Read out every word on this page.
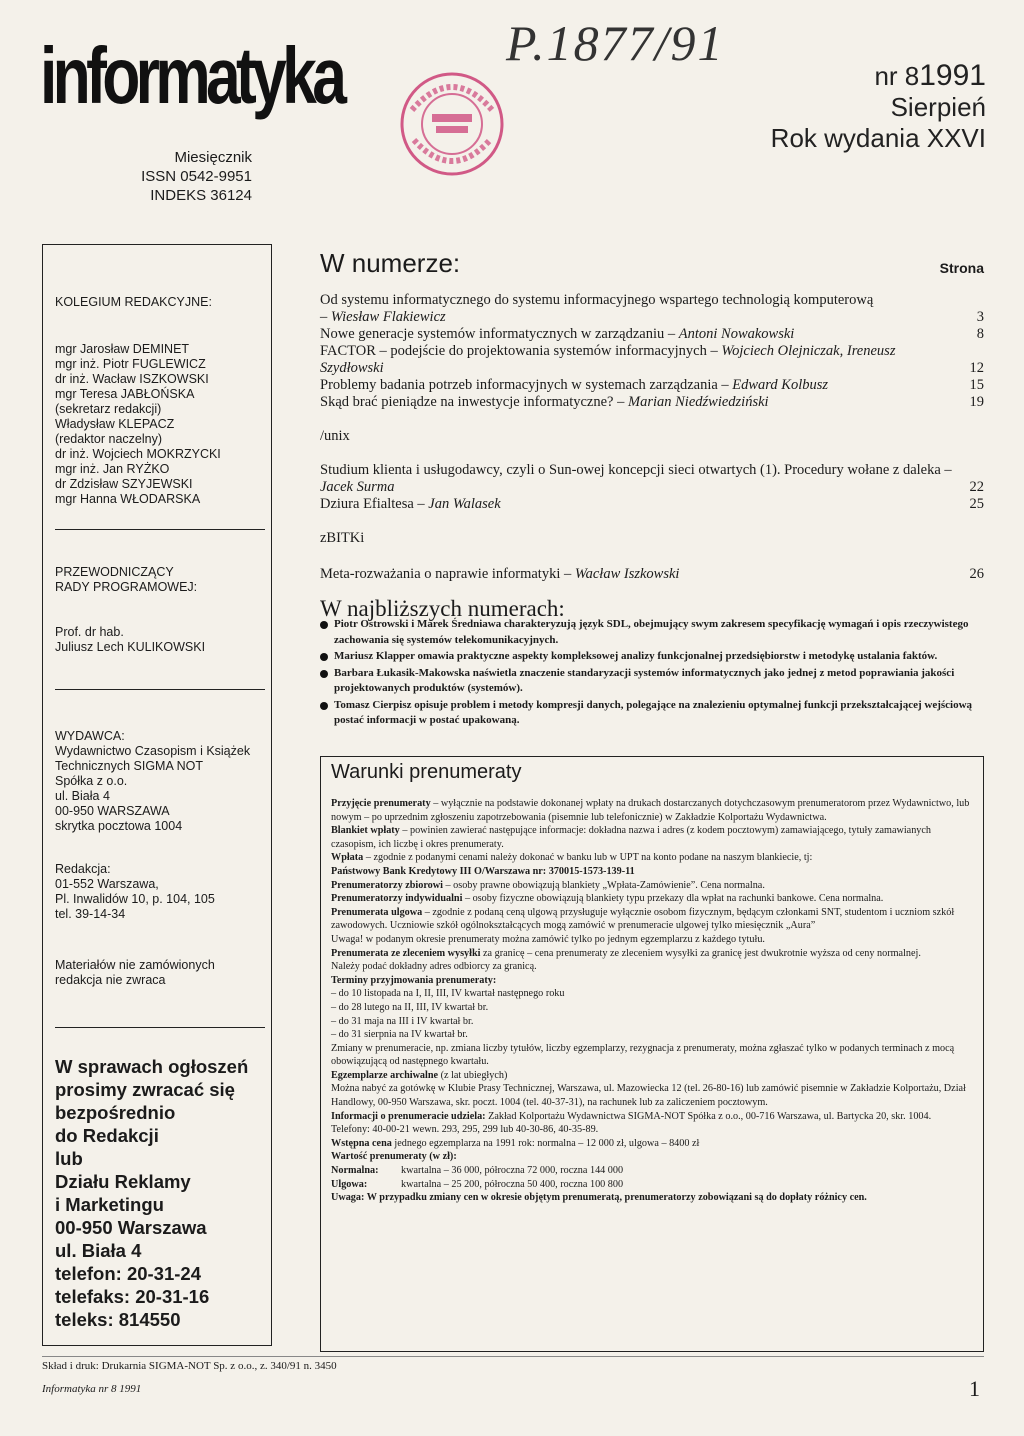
informatyka
Miesięcznik
ISSN 0542-9951
INDEKS 36124
P.1877/91
nr 81991
Sierpień
Rok wydania XXVI
KOLEGIUM REDAKCYJNE:
mgr Jarosław DEMINET
mgr inż. Piotr FUGLEWICZ
dr inż. Wacław ISZKOWSKI
mgr Teresa JABŁOŃSKA
(sekretarz redakcji)
Władysław KLEPACZ
(redaktor naczelny)
dr inż. Wojciech MOKRZYCKI
mgr inż. Jan RYŻKO
dr Zdzisław SZYJEWSKI
mgr Hanna WŁODARSKA
PRZEWODNICZĄCY
RADY PROGRAMOWEJ:
Prof. dr hab.
Juliusz Lech KULIKOWSKI
WYDAWCA:
Wydawnictwo Czasopism i Książek
Technicznych SIGMA NOT
Spółka z o.o.
ul. Biała 4
00-950 WARSZAWA
skrytka pocztowa 1004
Redakcja:
01-552 Warszawa,
Pl. Inwalidów 10, p. 104, 105
tel. 39-14-34
Materiałów nie zamówionych
redakcja nie zwraca
W sprawach ogłoszeń
prosimy zwracać się
bezpośrednio
do Redakcji
lub
Działu Reklamy
i Marketingu
00-950 Warszawa
ul. Biała 4
telefon: 20-31-24
telefaks: 20-31-16
teleks: 814550
W numerze:	Strona
Od systemu informatycznego do systemu informacyjnego wspartego technologią komputerową
– Wiesław Flakiewicz	3
Nowe generacje systemów informatycznych w zarządzaniu – Antoni Nowakowski	8
FACTOR – podejście do projektowania systemów informacyjnych – Wojciech Olejniczak, Ireneusz Szydłowski	12
Problemy badania potrzeb informacyjnych w systemach zarządzania – Edward Kolbusz	15
Skąd brać pieniądze na inwestycje informatyczne? – Marian Niedźwiedziński	19
/unix
Studium klienta i usługodawcy, czyli o Sun-owej koncepcji sieci otwartych (1). Procedury wołane z daleka – Jacek Surma	22
Dziura Efialtesa – Jan Walasek	25
zBITKi
Meta-rozważania o naprawie informatyki – Wacław Iszkowski	26
W najbliższych numerach:
Piotr Ostrowski i Marek Średniawa charakteryzują język SDL, obejmujący swym zakresem specyfikację wymagań i opis rzeczywistego zachowania się systemów telekomunikacyjnych.
Mariusz Klapper omawia praktyczne aspekty kompleksowej analizy funkcjonalnej przedsiębiorstw i metodykę ustalania faktów.
Barbara Łukasik-Makowska naświetla znaczenie standaryzacji systemów informatycznych jako jednej z metod poprawiania jakości projektowanych produktów (systemów).
Tomasz Cierpisz opisuje problem i metody kompresji danych, polegające na znalezieniu optymalnej funkcji przekształcającej wejściową postać informacji w postać upakowaną.
Warunki prenumeraty

Przyjęcie prenumeraty – wyłącznie na podstawie dokonanej wpłaty na drukach dostarczanych dotychczasowym prenumeratorom przez Wydawnictwo, lub nowym – po uprzednim zgłoszeniu zapotrzebowania (pisemnie lub telefonicznie) w Zakładzie Kolportażu Wydawnictwa.

Blankiet wpłaty – powinien zawierać następujące informacje: dokładna nazwa i adres (z kodem pocztowym) zamawiającego, tytuły zamawianych czasopism, ich liczbę i okres prenumeraty.

Wpłata – zgodnie z podanymi cenami należy dokonać w banku lub w UPT na konto podane na naszym blankiecie, tj:

Państwowy Bank Kredytowy III O/Warszawa nr: 370015-1573-139-11

Prenumeratorzy zbiorowi – osoby prawne obowiązują blankiety „Wpłata-Zamówienie”. Cena normalna.

Prenumeratorzy indywidualni – osoby fizyczne obowiązują blankiety typu przekazy dla wpłat na rachunki bankowe. Cena normalna.

Prenumerata ulgowa – zgodnie z podaną ceną ulgową przysługuje wyłącznie osobom fizycznym, będącym członkami SNT, studentom i uczniom szkół zawodowych. Uczniowie szkół ogólnokształcących mogą zamówić w prenumeracie ulgowej tylko miesięcznik „Aura”

Uwaga! w podanym okresie prenumeraty można zamówić tylko po jednym egzemplarzu z każdego tytułu.

Prenumerata ze zleceniem wysyłki za granicę – cena prenumeraty ze zleceniem wysyłki za granicę jest dwukrotnie wyższa od ceny normalnej.

Należy podać dokładny adres odbiorcy za granicą.

Terminy przyjmowania prenumeraty:

– do 10 listopada na I, II, III, IV kwartał następnego roku

– do 28 lutego na II, III, IV kwartał br.

– do 31 maja na III i IV kwartał br.

– do 31 sierpnia na IV kwartał br.

Zmiany w prenumeracie, np. zmiana liczby tytułów, liczby egzemplarzy, rezygnacja z prenumeraty, można zgłaszać tylko w podanych terminach z mocą obowiązującą od następnego kwartału.

Egzemplarze archiwalne (z lat ubiegłych)

Można nabyć za gotówkę w Klubie Prasy Technicznej, Warszawa, ul. Mazowiecka 12 (tel. 26-80-16) lub zamówić pisemnie w Zakładzie Kolportażu, Dział Handlowy, 00-950 Warszawa, skr. poczt. 1004 (tel. 40-37-31), na rachunek lub za zaliczeniem pocztowym.

Informacji o prenumeracie udziela: Zakład Kolportażu Wydawnictwa SIGMA-NOT Spółka z o.o., 00-716 Warszawa, ul. Bartycka 20, skr. 1004. Telefony: 40-00-21 wewn. 293, 295, 299 lub 40-30-86, 40-35-89.

Wstępna cena jednego egzemplarza na 1991 rok: normalna – 12 000 zł, ulgowa – 8400 zł

Wartość prenumeraty (w zł):

Normalna: kwartalna – 36 000, półroczna 72 000, roczna 144 000

Ulgowa:	kwartalna – 25 200, półroczna 50 400, roczna 100 800

Uwaga: W przypadku zmiany cen w okresie objętym prenumeratą, prenumeratorzy zobowiązani są do dopłaty różnicy cen.

Skład i druk: Drukarnia SIGMA-NOT Sp. z o.o., z. 340/91 n. 3450
Informatyka nr 8 1991	1
